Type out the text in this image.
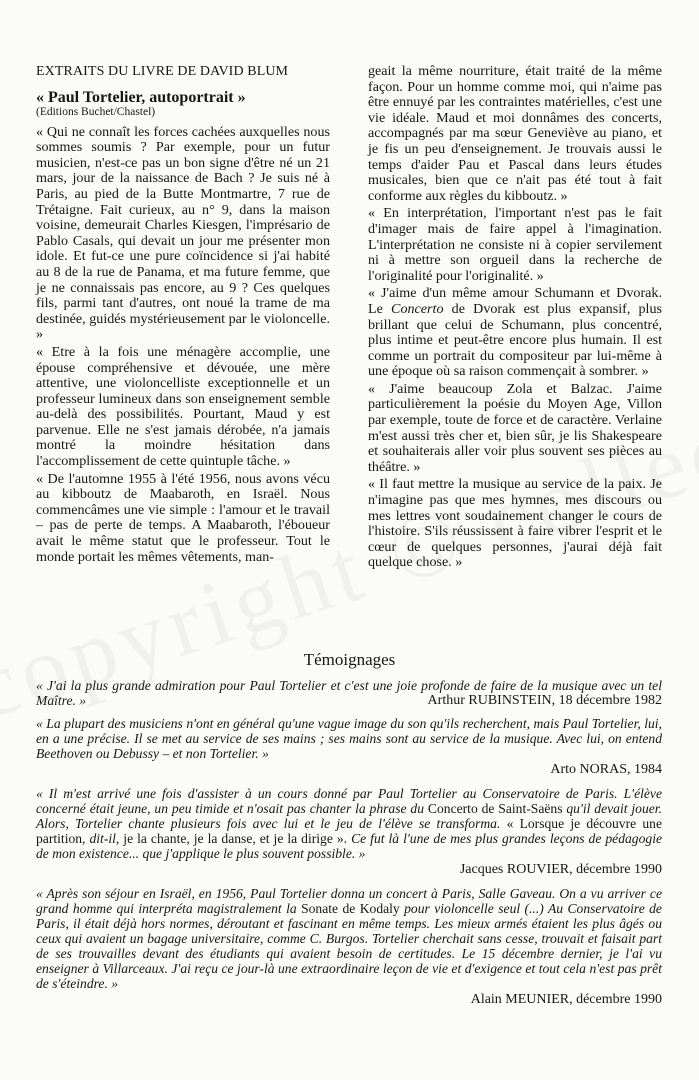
EXTRAITS DU LIVRE DE DAVID BLUM
« Paul Tortelier, autoportrait »
(Editions Buchet/Chastel)

« Qui ne connaît les forces cachées auxquelles nous sommes soumis ? Par exemple, pour un futur musicien, n'est-ce pas un bon signe d'être né un 21 mars, jour de la naissance de Bach ? Je suis né à Paris, au pied de la Butte Montmartre, 7 rue de Trétaigne. Fait curieux, au n° 9, dans la maison voisine, demeurait Charles Kiesgen, l'imprésario de Pablo Casals, qui devait un jour me présenter mon idole. Et fut-ce une pure coïncidence si j'ai habité au 8 de la rue de Panama, et ma future femme, que je ne connaissais pas encore, au 9 ? Ces quelques fils, parmi tant d'autres, ont noué la trame de ma destinée, guidés mystérieusement par le violoncelle. »

« Etre à la fois une ménagère accomplie, une épouse compréhensive et dévouée, une mère attentive, une violoncelliste exceptionnelle et un professeur lumineux dans son enseignement semble au-delà des possibilités. Pourtant, Maud y est parvenue. Elle ne s'est jamais dérobée, n'a jamais montré la moindre hésitation dans l'accomplissement de cette quintuple tâche. »

« De l'automne 1955 à l'été 1956, nous avons vécu au kibboutz de Maabaroth, en Israël. Nous commencâmes une vie simple : l'amour et le travail – pas de perte de temps. A Maabaroth, l'éboueur avait le même statut que le professeur. Tout le monde portait les mêmes vêtements, man-

geait la même nourriture, était traité de la même façon. Pour un homme comme moi, qui n'aime pas être ennuyé par les contraintes matérielles, c'est une vie idéale. Maud et moi donnâmes des concerts, accompagnés par ma sœur Geneviève au piano, et je fis un peu d'enseignement. Je trouvais aussi le temps d'aider Pau et Pascal dans leurs études musicales, bien que ce n'ait pas été tout à fait conforme aux règles du kibboutz. »

« En interprétation, l'important n'est pas le fait d'imager mais de faire appel à l'imagination. L'interprétation ne consiste ni à copier servilement ni à mettre son orgueil dans la recherche de l'originalité pour l'originalité. »

« J'aime d'un même amour Schumann et Dvorak. Le Concerto de Dvorak est plus expansif, plus brillant que celui de Schumann, plus concentré, plus intime et peut-être encore plus humain. Il est comme un portrait du compositeur par lui-même à une époque où sa raison commençait à sombrer. »

« J'aime beaucoup Zola et Balzac. J'aime particulièrement la poésie du Moyen Age, Villon par exemple, toute de force et de caractère. Verlaine m'est aussi très cher et, bien sûr, je lis Shakespeare et souhaiterais aller voir plus souvent ses pièces au théâtre. »

« Il faut mettre la musique au service de la paix. Je n'imagine pas que mes hymnes, mes discours ou mes lettres vont soudainement changer le cours de l'histoire. S'ils réussissent à faire vibrer l'esprit et le cœur de quelques personnes, j'aurai déjà fait quelque chose. »

Témoignages
« J'ai la plus grande admiration pour Paul Tortelier et c'est une joie profonde de faire de la musique avec un tel Maître. »	Arthur RUBINSTEIN, 18 décembre 1982
« La plupart des musiciens n'ont en général qu'une vague image du son qu'ils recherchent, mais Paul Tortelier, lui, en a une précise. Il se met au service de ses mains ; ses mains sont au service de la musique. Avec lui, on entend Beethoven ou Debussy – et non Tortelier. »
Arto NORAS, 1984
« Il m'est arrivé une fois d'assister à un cours donné par Paul Tortelier au Conservatoire de Paris. L'élève concerné était jeune, un peu timide et n'osait pas chanter la phrase du Concerto de Saint-Saëns qu'il devait jouer. Alors, Tortelier chante plusieurs fois avec lui et le jeu de l'élève se transforma. « Lorsque je découvre une partition, dit-il, je la chante, je la danse, et je la dirige ». Ce fut là l'une de mes plus grandes leçons de pédagogie de mon existence... que j'applique le plus souvent possible. »
Jacques ROUVIER, décembre 1990
« Après son séjour en Israël, en 1956, Paul Tortelier donna un concert à Paris, Salle Gaveau. On a vu arriver ce grand homme qui interpréta magistralement la Sonate de Kodaly pour violoncelle seul (...) Au Conservatoire de Paris, il était déjà hors normes, déroutant et fascinant en même temps. Les mieux armés étaient les plus âgés ou ceux qui avaient un bagage universitaire, comme C. Burgos. Tortelier cherchait sans cesse, trouvait et faisait part de ses trouvailles devant des étudiants qui avaient besoin de certitudes. Le 15 décembre dernier, je l'ai vu enseigner à Villarceaux. J'ai reçu ce jour-là une extraordinaire leçon de vie et d'exigence et tout cela n'est pas prêt de s'éteindre. »
Alain MEUNIER, décembre 1990
